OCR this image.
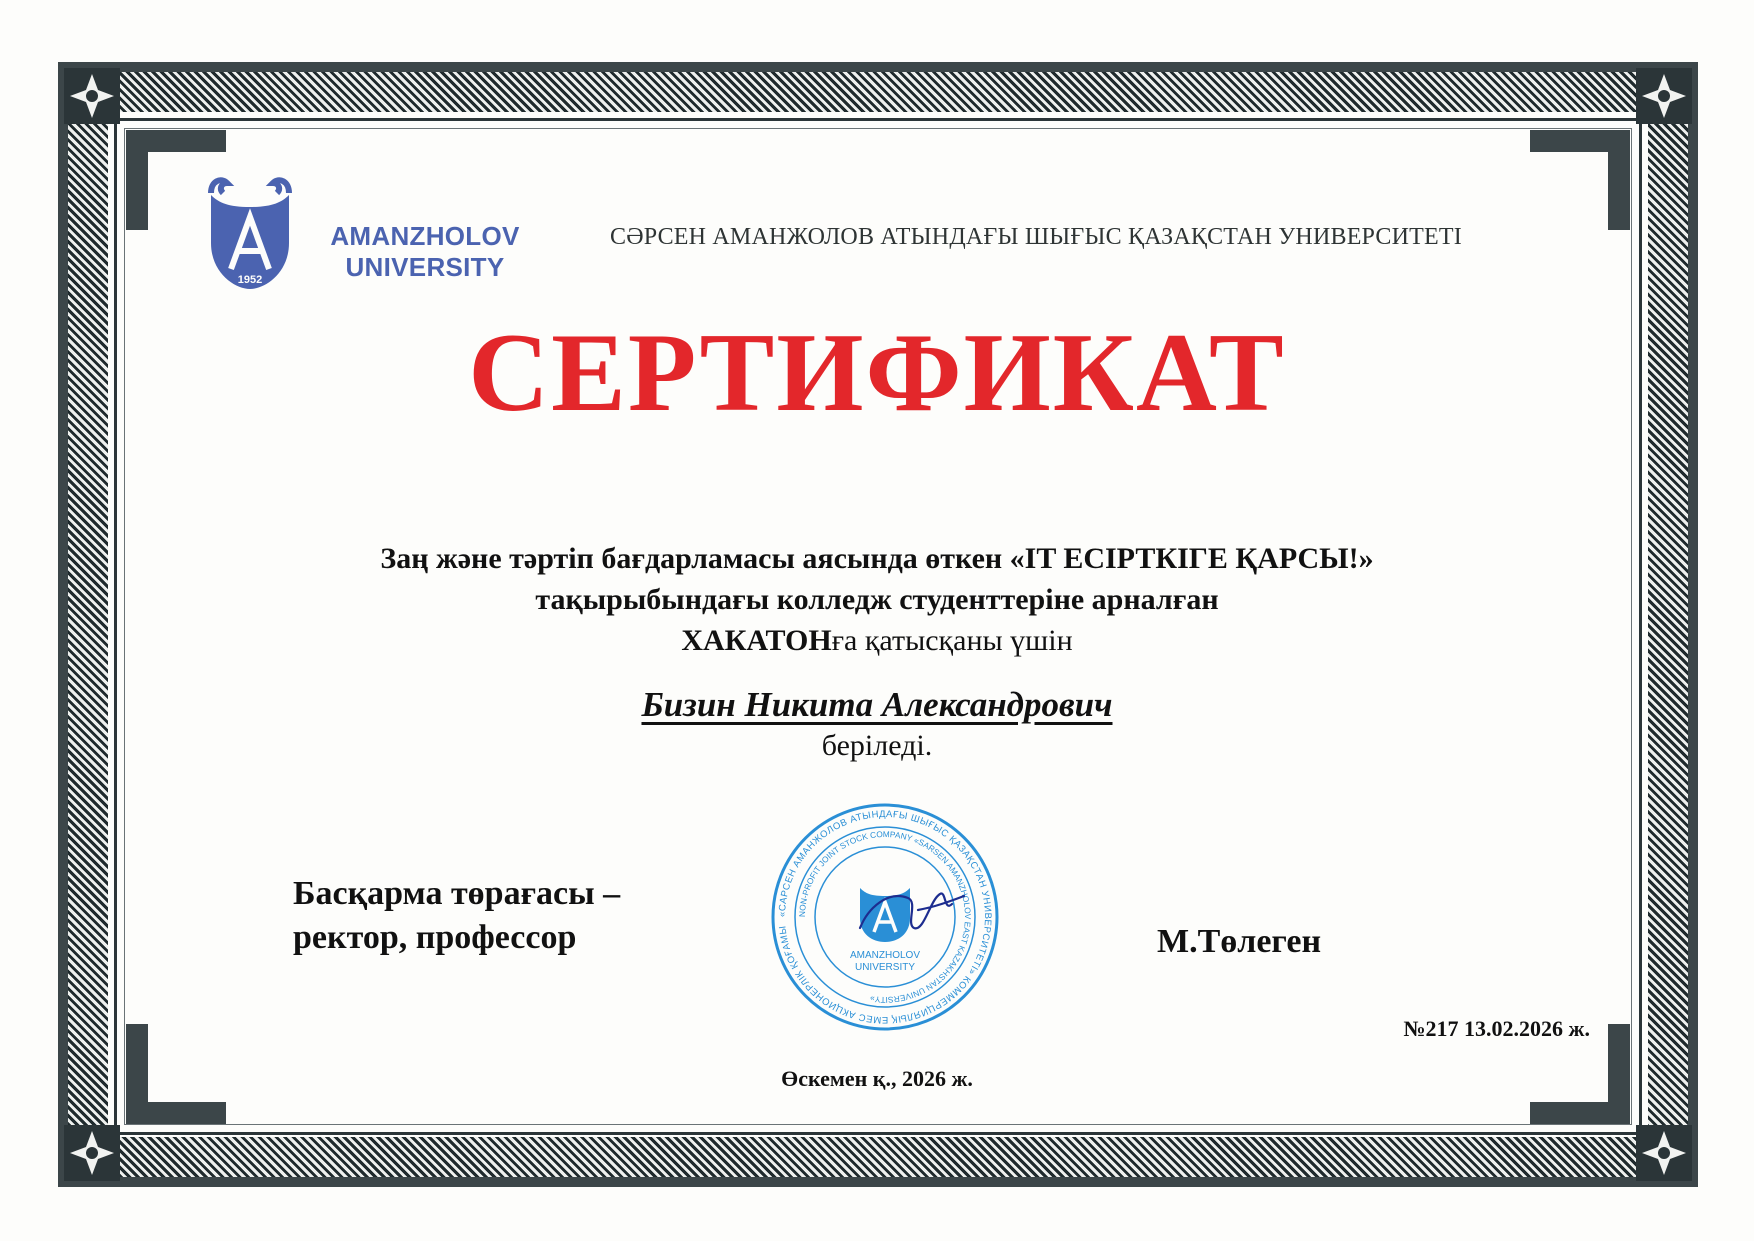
1952
AMANZHOLOV
UNIVERSITY
СӘРСЕН АМАНЖОЛОВ АТЫНДАҒЫ ШЫҒЫС ҚАЗАҚСТАН УНИВЕРСИТЕТІ
СЕРТИФИКАТ
Заң және тәртіп бағдарламасы аясында өткен «IT ЕСІРТКІГЕ ҚАРСЫ!»
тақырыбындағы колледж студенттеріне арналған
ХАКАТОНға қатысқаны үшін
Бизин Никита Александрович
беріледі.
Басқарма төрағасы –
ректор, профессор
«САРСЕН АМАНЖОЛОВ АТЫНДАҒЫ ШЫҒЫС ҚАЗАҚСТАН УНИВЕРСИТЕТІ» КОММЕРЦИЯЛЫҚ ЕМЕС АКЦИОНЕРЛІК ҚОҒАМЫ
NON-PROFIT JOINT STOCK COMPANY «SARSEN AMANZHOLOV EAST KAZAKHSTAN UNIVERSITY»
AMANZHOLOV
UNIVERSITY
М.Төлеген
№217 13.02.2026 ж.
Өскемен қ., 2026 ж.
